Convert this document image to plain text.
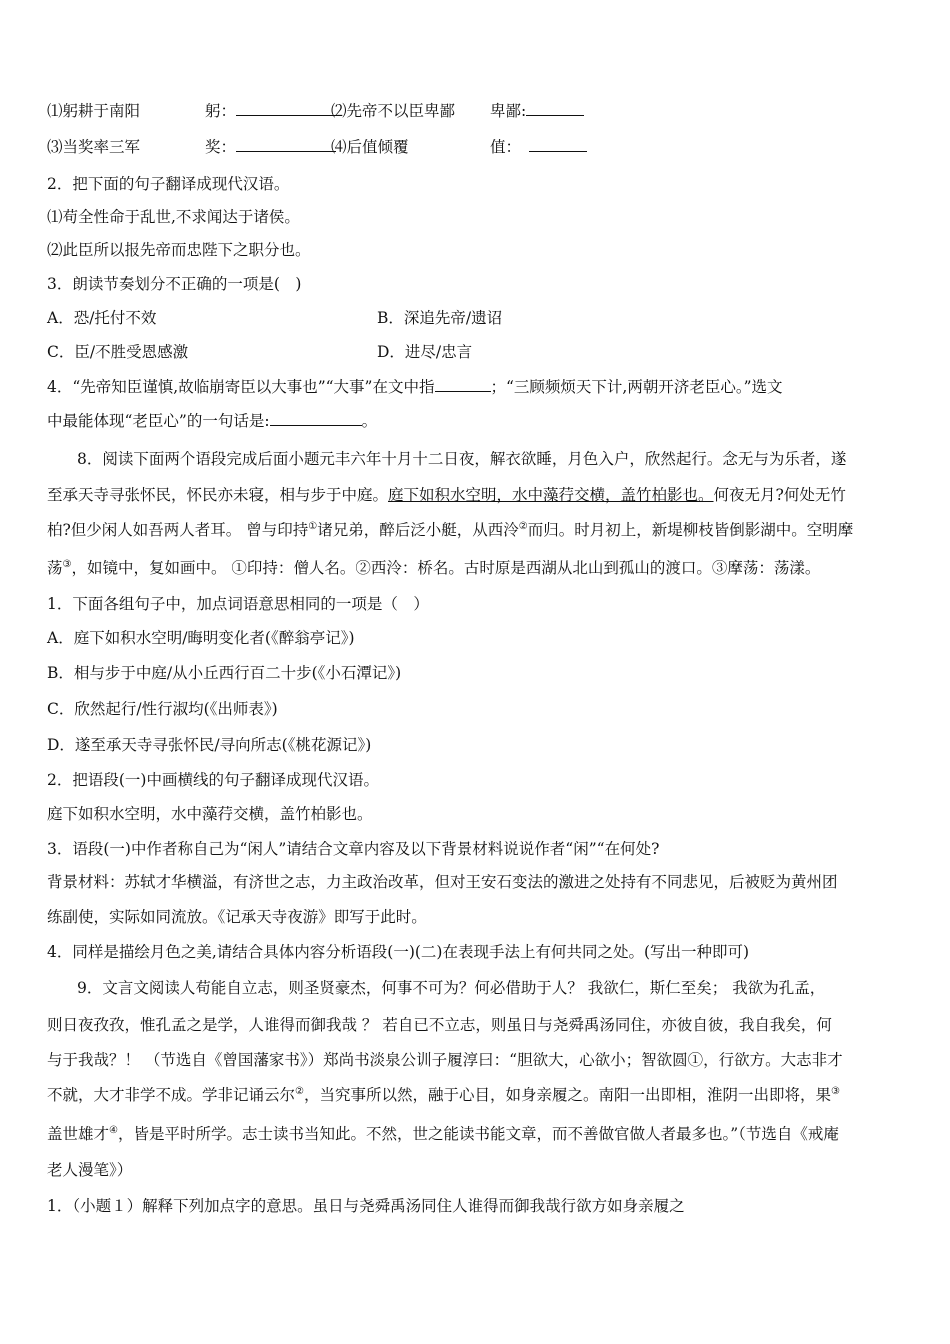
⑴躬耕于南阳	躬：	⑵先帝不以臣卑鄙 卑鄙:
⑶当奖率三军	奖：	⑷后值倾覆	值：
2．把下面的句子翻译成现代汉语。
⑴苟全性命于乱世,不求闻达于诸侯。
⑵此臣所以报先帝而忠陛下之职分也。
3．朗读节奏划分不正确的一项是(　)
A．恐/托付不效	B．深追先帝/遗诏
C．臣/不胜受恩感激	D．进尽/忠言
4．“先帝知臣谨慎,故临崩寄臣以大事也”“大事”在文中指	；“三顾频烦天下计,两朝开济老臣心。”选文
中最能体现“老臣心”的一句话是:	。
8．阅读下面两个语段完成后面小题元丰六年十月十二日夜，解衣欲睡，月色入户，欣然起行。念无与为乐者，遂
至承天寺寻张怀民，怀民亦未寝，相与步于中庭。庭下如积水空明，水中藻荇交横，盖竹柏影也。何夜无月?何处无竹
柏?但少闲人如吾两人者耳。 曾与印持①诸兄弟，醉后泛小艇，从西泠②而归。时月初上，新堤柳枝皆倒影湖中。空明摩
荡③，如镜中，复如画中。 ①印持：僧人名。②西泠：桥名。古时原是西湖从北山到孤山的渡口。③摩荡：荡漾。
1．下面各组句子中，加点词语意思相同的一项是（　）
A．庭下如积水空明/晦明变化者(《醉翁亭记》)
B．相与步于中庭/从小丘西行百二十步(《小石潭记》)
C．欣然起行/性行淑均(《出师表》)
D．遂至承天寺寻张怀民/寻向所志(《桃花源记》)
2．把语段(一)中画横线的句子翻译成现代汉语。
庭下如积水空明，水中藻荇交横，盖竹柏影也。
3．语段(一)中作者称自己为“闲人”请结合文章内容及以下背景材料说说作者“闲”“在何处?
背景材料：苏轼才华横溢，有济世之志，力主政治改革，但对王安石变法的激进之处持有不同悲见，后被贬为黄州团
练副使，实际如同流放。《记承天寺夜游》即写于此时。
4．同样是描绘月色之美,请结合具体内容分析语段(一)(二)在表现手法上有何共同之处。(写出一种即可)
9．文言文阅读人苟能自立志，则圣贤豪杰，何事不可为？何必借助于人？ 我欲仁，斯仁至矣； 我欲为孔孟，
则日夜孜孜，惟孔孟之是学，人谁得而御我哉 ？ 若自已不立志，则虽日与尧舜禹汤同住，亦彼自彼，我自我矣，何
与于我哉？！ （节选自《曾国藩家书》）郑尚书淡泉公训子履淳曰：“胆欲大，心欲小；智欲圆①，行欲方。大志非才
不就，大才非学不成。学非记诵云尔②，当究事所以然，融于心目，如身亲履之。南阳一出即相，淮阴一出即将，果③
盖世雄才④，皆是平时所学。志士读书当知此。不然，世之能读书能文章，而不善做官做人者最多也。”（节选自《戒庵
老人漫笔》）
1．（小题１）解释下列加点字的意思。虽日与尧舜禹汤同住人谁得而御我哉行欲方如身亲履之
